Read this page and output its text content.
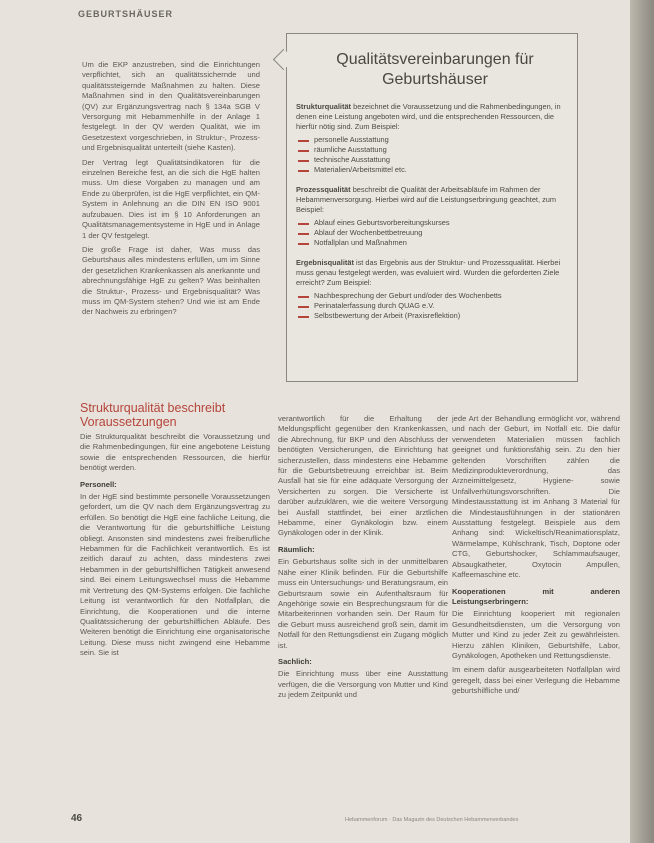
GEBURTSHÄUSER

Um die EKP anzustreben, sind die Einrichtungen verpflichtet, sich an qualitätssichernde und qualitätssteigernde Maßnahmen zu halten. Diese Maßnahmen sind in den Qualitätsvereinbarungen (QV) zur Ergänzungsvertrag nach § 134a SGB V Versorgung mit Hebammenhilfe in der Anlage 1 festgelegt. In der QV werden Qualität, wie im Gesetzestext vorgeschrieben, in Struktur-, Prozess- und Ergebnisqualität unterteilt (siehe Kasten).

Der Vertrag legt Qualitätsindikatoren für die einzelnen Bereiche fest, an die sich die HgE halten muss. Um diese Vorgaben zu managen und am Ende zu überprüfen, ist die HgE verpflichtet, ein QM-System in Anlehnung an die DIN EN ISO 9001 aufzubauen. Dies ist im § 10 Anforderungen an Qualitätsmanagementsysteme in HgE und in Anlage 1 der QV festgelegt.

Die große Frage ist daher, Was muss das Geburtshaus alles mindestens erfüllen, um im Sinne der gesetzlichen Krankenkassen als anerkannte und abrechnungsfähige HgE zu gelten? Was beinhalten die Struktur-, Prozess- und Ergebnisqualität? Was muss im QM-System stehen? Und wie ist am Ende der Nachweis zu erbringen?

Qualitätsvereinbarungen für Geburtshäuser

Strukturqualität bezeichnet die Voraussetzung und die Rahmenbedingungen, in denen eine Leistung angeboten wird, und die entsprechenden Ressourcen, die hierfür nötig sind. Zum Beispiel:

personelle Ausstattung
räumliche Ausstattung
technische Ausstattung
Materialien/Arbeitsmittel etc.

Prozessqualität beschreibt die Qualität der Arbeitsabläufe im Rahmen der Hebammenversorgung. Hierbei wird auf die Leistungserbringung geachtet, zum Beispiel:

Ablauf eines Geburtsvorbereitungskurses
Ablauf der Wochenbettbetreuung
Notfallplan und Maßnahmen

Ergebnisqualität ist das Ergebnis aus der Struktur- und Prozessqualität. Hierbei muss genau festgelegt werden, was evaluiert wird. Wurden die geforderten Ziele erreicht? Zum Beispiel:

Nachbesprechung der Geburt und/oder des Wochenbetts
Perinatalerfassung durch QUAG e.V.
Selbstbewertung der Arbeit (Praxisreflektion)
Strukturqualität beschreibt Voraussetzungen

Die Strukturqualität beschreibt die Voraussetzung und die Rahmenbedingungen, für eine angebotene Leistung sowie die entsprechenden Ressourcen, die hierfür benötigt werden.

Personell:

In der HgE sind bestimmte personelle Voraussetzungen gefordert, um die QV nach dem Ergänzungsvertrag zu erfüllen. So benötigt die HgE eine fachliche Leitung, die die Verantwortung für die geburtshilfliche Leistung obliegt. Ansonsten sind mindestens zwei freiberufliche Hebammen für die Fachlichkeit verantwortlich. Es ist zeitlich darauf zu achten, dass mindestens zwei Hebammen in der geburtshilflichen Tätigkeit anwesend sind. Bei einem Leitungswechsel muss die Hebamme mit Vertretung des QM-Systems erfolgen. Die fachliche Leitung ist verantwortlich für den Notfallplan, die Einrichtung, die Kooperationen und die interne Qualitätssicherung der geburtshilflichen Abläufe. Des Weiteren benötigt die Einrichtung eine organisatorische Leitung. Diese muss nicht zwingend eine Hebamme sein. Sie ist

verantwortlich für die Erhaltung der Meldungspflicht gegenüber den Krankenkassen, die Abrechnung, für BKP und den Abschluss der benötigten Versicherungen, die Einrichtung hat sicherzustellen, dass mindestens eine Hebamme für die Geburtsbetreuung erreichbar ist. Beim Ausfall hat sie für eine adäquate Versorgung der Versicherten zu sorgen. Die Versicherte ist darüber aufzuklären, wie die weitere Versorgung bei Ausfall stattfindet, bei einer ärztlichen Hebamme, einer Gynäkologin bzw. einem Gynäkologen oder in der Klinik.

Räumlich:

Ein Geburtshaus sollte sich in der unmittelbaren Nähe einer Klinik befinden. Für die Geburtshilfe muss ein Untersuchungs- und Beratungsraum, ein Geburtsraum sowie ein Aufenthaltsraum für Angehörige sowie ein Besprechungsraum für die Mitarbeiterinnen vorhanden sein. Der Raum für die Geburt muss ausreichend groß sein, damit im Notfall für den Rettungsdienst ein Zugang möglich ist.

Sachlich:

Die Einrichtung muss über eine Ausstattung verfügen, die die Versorgung von Mutter und Kind zu jedem Zeitpunkt und

jede Art der Behandlung ermöglicht vor, während und nach der Geburt, im Notfall etc. Die dafür verwendeten Materialien müssen fachlich geeignet und funktionsfähig sein. Zu den hier geltenden Vorschriften zählen die Medizinprodukteverordnung, das Arzneimittelgesetz, Hygiene- sowie Unfallverhütungsvorschriften. Die Mindestausstattung ist im Anhang 3 Material für die Mindestausführungen in der stationären Ausstattung festgelegt. Beispiele aus dem Anhang sind: Wickeltisch/Reanimationsplatz, Wärmelampe, Kühlschrank, Tisch, Doptone oder CTG, Geburtshocker, Schlammaufsauger, Absaugkatheter, Oxytocin Ampullen, Kaffeemaschine etc.

Kooperationen mit anderen Leistungserbringern:

Die Einrichtung kooperiert mit regionalen Gesundheitsdiensten, um die Versorgung von Mutter und Kind zu jeder Zeit zu gewährleisten. Hierzu zählen Kliniken, Geburtshilfe, Labor, Gynäkologen, Apotheken und Rettungsdienste.

Im einem dafür ausgearbeiteten Notfallplan wird geregelt, dass bei einer Verlegung die Hebamme geburtshilfliche und/

46	Hebammenforum · Das Magazin des Deutschen Hebammenverbandes
